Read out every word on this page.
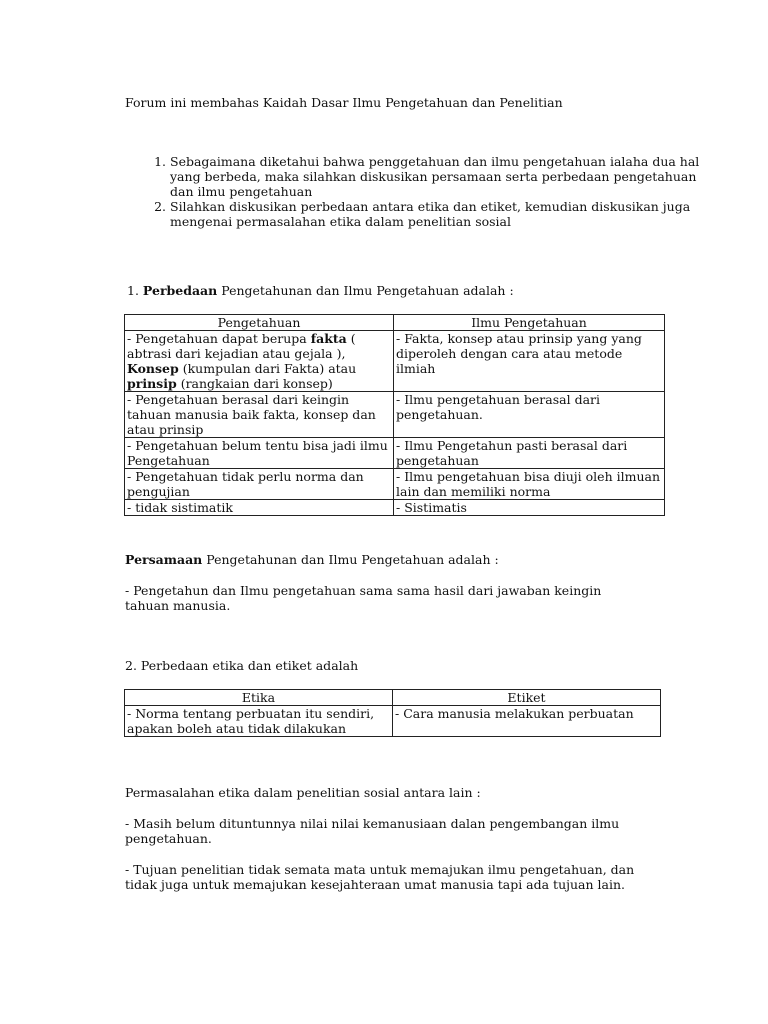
Forum ini membahas Kaidah Dasar Ilmu Pengetahuan dan Penelitian
1. Sebagaimana diketahui bahwa penggetahuan dan ilmu pengetahuan ialaha dua hal yang berbeda, maka silahkan diskusikan persamaan serta perbedaan pengetahuan dan ilmu pengetahuan
2. Silahkan diskusikan perbedaan antara etika dan etiket, kemudian diskusikan juga mengenai permasalahan etika dalam penelitian sosial
1. Perbedaan Pengetahunan dan Ilmu Pengetahuan adalah :
Pengetahuan	Ilmu Pengetahuan
- Pengetahuan dapat berupa fakta ( abtrasi dari kejadian atau gejala ), Konsep (kumpulan dari Fakta) atau prinsip (rangkaian dari konsep)	- Fakta, konsep atau prinsip yang yang diperoleh dengan cara atau metode ilmiah
- Pengetahuan berasal dari keingin tahuan manusia baik fakta, konsep dan atau prinsip	- Ilmu pengetahuan berasal dari pengetahuan.
- Pengetahuan belum tentu bisa jadi ilmu Pengetahuan	- Ilmu Pengetahun pasti berasal dari pengetahuan
- Pengetahuan tidak perlu norma dan pengujian	- Ilmu pengetahuan bisa diuji oleh ilmuan lain dan memiliki norma
- tidak sistimatik	- Sistimatis
Persamaan Pengetahunan dan Ilmu Pengetahuan adalah :
- Pengetahun dan Ilmu pengetahuan sama sama hasil dari jawaban keingin tahuan manusia.
2. Perbedaan etika dan etiket adalah
Etika	Etiket
- Norma tentang perbuatan itu sendiri, apakan boleh atau tidak dilakukan	- Cara manusia melakukan perbuatan
Permasalahan etika dalam penelitian sosial antara lain :
- Masih belum dituntunnya nilai nilai kemanusiaan dalan pengembangan ilmu pengetahuan.
- Tujuan penelitian tidak semata mata untuk memajukan ilmu pengetahuan, dan tidak juga untuk memajukan kesejahteraan umat manusia tapi ada tujuan lain.
